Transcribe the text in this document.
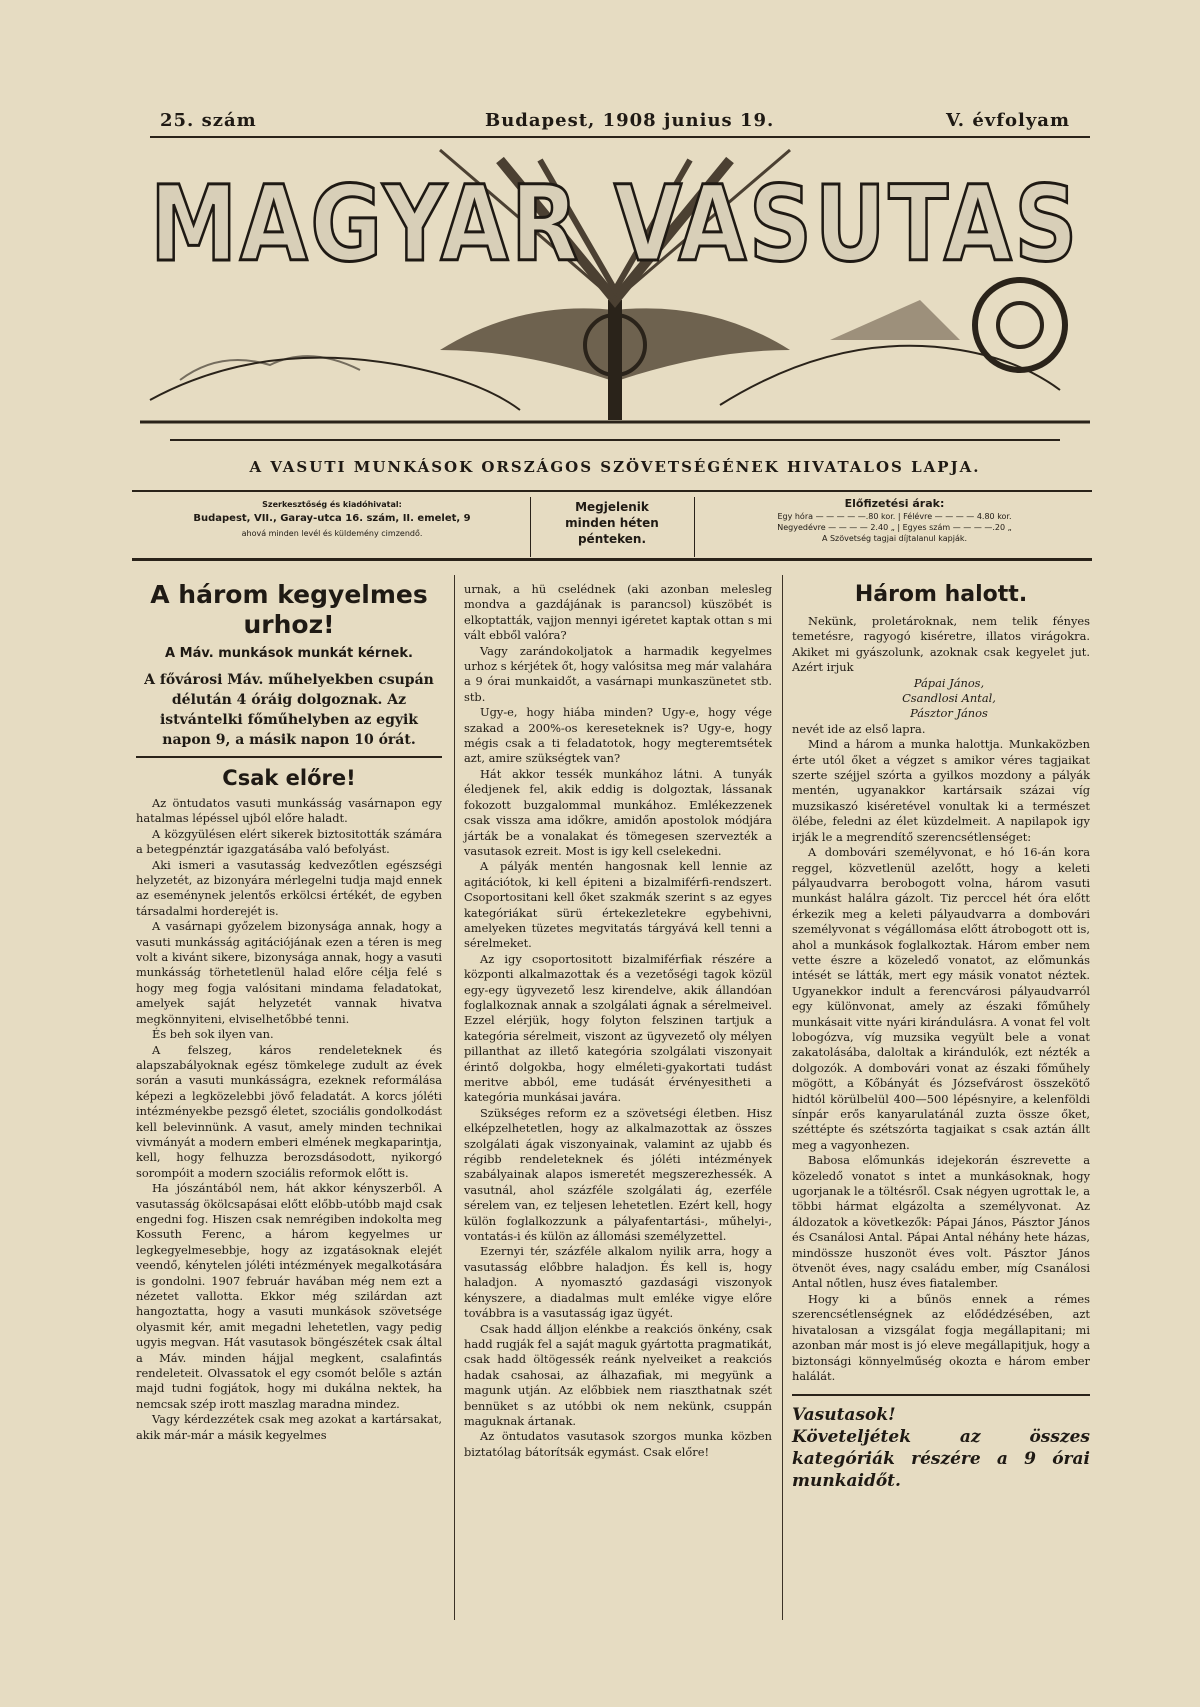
25. szám	Budapest, 1908 junius 19.	V. évfolyam
MAGYAR VASUTAS
A VASUTI MUNKÁSOK ORSZÁGOS SZÖVETSÉGÉNEK HIVATALOS LAPJA.
Szerkesztőség és kiadóhivatal:
Budapest, VII., Garay-utca 16. szám, II. emelet, 9
ahová minden levél és küldemény cimzendő.
Megjelenik
minden héten
pénteken.
Előfizetési árak:
Egy hóra — — — — —.80 kor. | Félévre — — — — 4.80 kor.
Negyedévre — — — — 2.40 „ | Egyes szám — — — —.20 „
A Szövetség tagjai díjtalanul kapják.
A három kegyelmes urhoz!
A Máv. munkások munkát kérnek.
A fővárosi Máv. műhelyekben csupán délután 4 óráig dolgoznak. Az istvántelki főműhelyben az egyik napon 9, a másik napon 10 órát.
Csak előre!

Az öntudatos vasuti munkásság vasárnapon egy hatalmas lépéssel ujból előre haladt.

A közgyülésen elért sikerek biztositották számára a betegpénztár igazgatásába való befolyást.

Aki ismeri a vasutasság kedvezőtlen egészségi helyzetét, az bizonyára mérlegelni tudja majd ennek az eseménynek jelentős erkölcsi értékét, de egyben társadalmi horderejét is.

A vasárnapi győzelem bizonysága annak, hogy a vasuti munkásság agitációjának ezen a téren is meg volt a kivánt sikere, bizonysága annak, hogy a vasuti munkásság törhetetlenül halad előre célja felé s hogy meg fogja valósitani mindama feladatokat, amelyek saját helyzetét vannak hivatva megkönnyiteni, elviselhetőbbé tenni.

És beh sok ilyen van.

A felszeg, káros rendeleteknek és alapszabályoknak egész tömkelege zudult az évek során a vasuti munkásságra, ezeknek reformálása képezi a legközelebbi jövő feladatát. A korcs jóléti intézményekbe pezsgő életet, szociális gondolkodást kell belevinnünk. A vasut, amely minden technikai vivmányát a modern emberi elmének megkaparintja, kell, hogy felhuzza berozsdásodott, nyikorgó sorompóit a modern szociális reformok előtt is.

Ha jószántából nem, hát akkor kényszerből. A vasutasság ökölcsapásai előtt előbb-utóbb majd csak engedni fog. Hiszen csak nemrégiben indokolta meg Kossuth Ferenc, a három kegyelmes ur legkegyelmesebbje, hogy az izgatásoknak elejét veendő, kénytelen jóléti intézmények megalkotására is gondolni. 1907 február havában még nem ezt a nézetet vallotta. Ekkor még szilárdan azt hangoztatta, hogy a vasuti munkások szövetsége olyasmit kér, amit megadni lehetetlen, vagy pedig ugyis megvan. Hát vasutasok böngészétek csak által a Máv. minden hájjal megkent, csalafintás rendeleteit. Olvassatok el egy csomót belőle s aztán majd tudni fogjátok, hogy mi dukálna nektek, ha nemcsak szép irott maszlag maradna mindez.

Vagy kérdezzétek csak meg azokat a kartársakat, akik már-már a másik kegyelmes

urnak, a hü cselédnek (aki azonban melesleg mondva a gazdájának is parancsol) küszöbét is elkoptatták, vajjon mennyi igéretet kaptak ottan s mi vált ebből valóra?

Vagy zarándokoljatok a harmadik kegyelmes urhoz s kérjétek őt, hogy valósitsa meg már valahára a 9 órai munkaidőt, a vasárnapi munkaszünetet stb. stb.

Ugy-e, hogy hiába minden? Ugy-e, hogy vége szakad a 200%-os kereseteknek is? Ugy-e, hogy mégis csak a ti feladatotok, hogy megteremtsétek azt, amire szükségtek van?

Hát akkor tessék munkához látni. A tunyák éledjenek fel, akik eddig is dolgoztak, lássanak fokozott buzgalommal munkához. Emlékezzenek csak vissza ama időkre, amidőn apostolok módjára járták be a vonalakat és tömegesen szervezték a vasutasok ezreit. Most is igy kell cselekedni.

A pályák mentén hangosnak kell lennie az agitációtok, ki kell épiteni a bizalmiférfi-rendszert. Csoportositani kell őket szakmák szerint s az egyes kategóriákat sürü értekezletekre egybehivni, amelyeken tüzetes megvitatás tárgyává kell tenni a sérelmeket.

Az igy csoportositott bizalmiférfiak részére a központi alkalmazottak és a vezetőségi tagok közül egy-egy ügyvezető lesz kirendelve, akik állandóan foglalkoznak annak a szolgálati ágnak a sérelmeivel. Ezzel elérjük, hogy folyton felszinen tartjuk a kategória sérelmeit, viszont az ügyvezető oly mélyen pillanthat az illető kategória szolgálati viszonyait érintő dolgokba, hogy elméleti-gyakortati tudást meritve abból, eme tudását érvényesitheti a kategória munkásai javára.

Szükséges reform ez a szövetségi életben. Hisz elképzelhetetlen, hogy az alkalmazottak az összes szolgálati ágak viszonyainak, valamint az ujabb és régibb rendeleteknek és jóléti intézmények szabályainak alapos ismeretét megszerezhessék. A vasutnál, ahol százféle szolgálati ág, ezerféle sérelem van, ez teljesen lehetetlen. Ezért kell, hogy külön foglalkozzunk a pályafentartási-, műhelyi-, vontatás-i és külön az állomási személyzettel.

Ezernyi tér, százféle alkalom nyilik arra, hogy a vasutasság előbbre haladjon. És kell is, hogy haladjon. A nyomasztó gazdasági viszonyok kényszere, a diadalmas mult emléke vigye előre továbbra is a vasutasság igaz ügyét.

Csak hadd álljon elénkbe a reakciós önkény, csak hadd rugják fel a saját maguk gyártotta pragmatikát, csak hadd öltögessék reánk nyelveiket a reakciós hadak csahosai, az álhazafiak, mi megyünk a magunk utján. Az előbbiek nem riaszthatnak szét bennüket s az utóbbi ok nem nekünk, csuppán maguknak ártanak.

Az öntudatos vasutasok szorgos munka közben biztatólag bátorítsák egymást. Csak előre!

Három halott.

Nekünk, proletároknak, nem telik fényes temetésre, ragyogó kiséretre, illatos virágokra. Akiket mi gyászolunk, azoknak csak kegyelet jut. Azért irjuk

Pápai János,

Csandlosi Antal,

Pásztor János

nevét ide az első lapra.

Mind a három a munka halottja. Munkaközben érte utól őket a végzet s amikor véres tagjaikat szerte széjjel szórta a gyilkos mozdony a pályák mentén, ugyanakkor kartársaik százai víg muzsikaszó kiséretével vonultak ki a természet ölébe, feledni az élet küzdelmeit. A napilapok igy irják le a megrendítő szerencsétlenséget:

A dombovári személyvonat, e hó 16-án kora reggel, közvetlenül azelőtt, hogy a keleti pályaudvarra berobogott volna, három vasuti munkást halálra gázolt. Tiz perccel hét óra előtt érkezik meg a keleti pályaudvarra a dombovári személyvonat s végállomása előtt átrobogott ott is, ahol a munkások foglalkoztak. Három ember nem vette észre a közeledő vonatot, az előmunkás intését se látták, mert egy másik vonatot néztek. Ugyanekkor indult a ferencvárosi pályaudvarról egy különvonat, amely az északi főműhely munkásait vitte nyári kirándulásra. A vonat fel volt lobogózva, víg muzsika vegyült bele a vonat zakatolásába, daloltak a kirándulók, ezt nézték a dolgozók. A dombovári vonat az északi főműhely mögött, a Kőbányát és Józsefvárost összekötő hidtól körülbelül 400—500 lépésnyire, a kelenföldi sínpár erős kanyarulatánál zuzta össze őket, széttépte és szétszórta tagjaikat s csak aztán állt meg a vagyonhezen.

Babosa előmunkás idejekorán észrevette a közeledő vonatot s intet a munkásoknak, hogy ugorjanak le a töltésről. Csak négyen ugrottak le, a többi hármat elgázolta a személyvonat. Az áldozatok a következők: Pápai János, Pásztor János és Csanálosi Antal. Pápai Antal néhány hete házas, mindössze huszonöt éves volt. Pásztor János ötvenöt éves, nagy családu ember, míg Csanálosi Antal nőtlen, husz éves fiatalember.

Hogy ki a bűnös ennek a rémes szerencsétlenségnek az elődédzésében, azt hivatalosan a vizsgálat fogja megállapitani; mi azonban már most is jó eleve megállapitjuk, hogy a biztonsági könnyelműség okozta e három ember halálát.

Vasutasok!
Követeljétek az összes kategóriák részére a 9 órai munkaidőt.
